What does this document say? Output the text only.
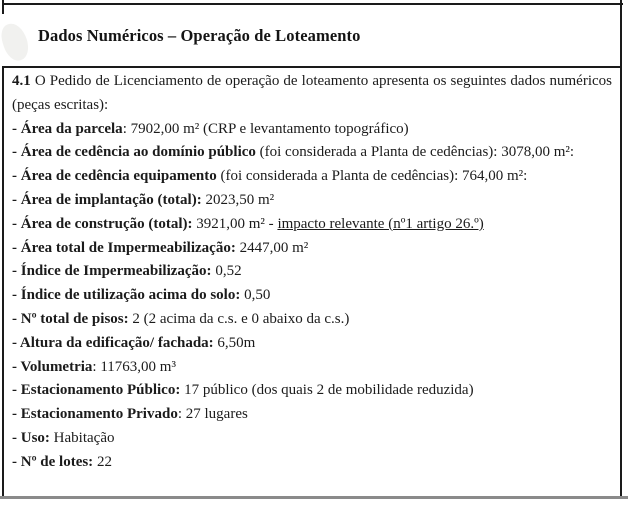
Dados Numéricos – Operação de Loteamento
4.1 O Pedido de Licenciamento de operação de loteamento apresenta os seguintes dados numéricos (peças escritas):
- Área da parcela: 7902,00 m² (CRP e levantamento topográfico)
- Área de cedência ao domínio público (foi considerada a Planta de cedências): 3078,00 m²:
- Área de cedência equipamento (foi considerada a Planta de cedências): 764,00 m²:
- Área de implantação (total): 2023,50 m²
- Área de construção (total): 3921,00 m² - impacto relevante (nº1 artigo 26.º)
- Área total de Impermeabilização: 2447,00 m²
- Índice de Impermeabilização: 0,52
- Índice de utilização acima do solo: 0,50
- Nº total de pisos: 2 (2 acima da c.s. e 0 abaixo da c.s.)
- Altura da edificação/ fachada: 6,50m
- Volumetria: 11763,00 m³
- Estacionamento Público: 17 público (dos quais 2 de mobilidade reduzida)
- Estacionamento Privado: 27 lugares
- Uso: Habitação
- Nº de lotes: 22
